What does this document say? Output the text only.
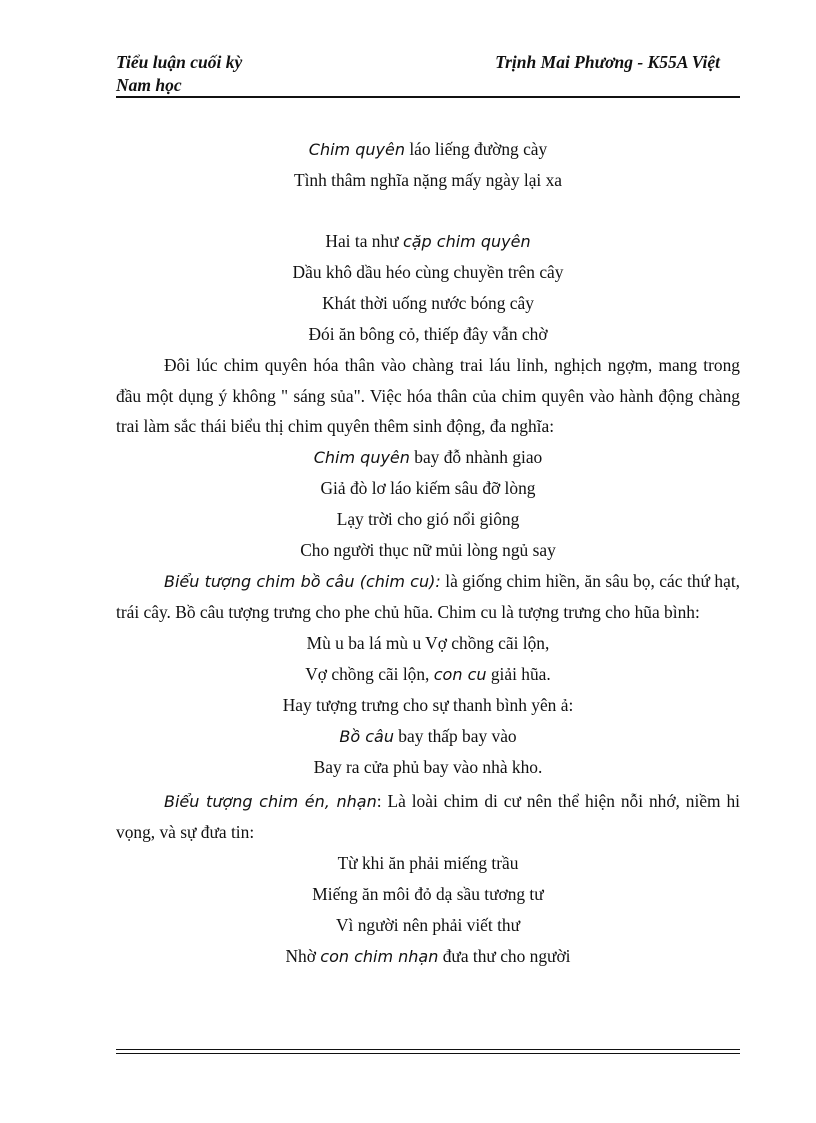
Tiểu luận cuối kỳ
Nam học
Trịnh Mai Phương - K55A Việt
Chim quyên láo liếng đường cày
Tình thâm nghĩa nặng mấy ngày lại xa
Hai ta như cặp chim quyên
Dầu khô dầu héo cùng chuyền trên cây
Khát thời uống nước bóng cây
Đói ăn bông cỏ, thiếp đây vẫn chờ

Đôi lúc chim quyên hóa thân vào chàng trai láu lỉnh, nghịch ngợm, mang trong đầu một dụng ý không " sáng sủa". Việc hóa thân của chim quyên vào hành động chàng trai làm sắc thái biểu thị chim quyên thêm sinh động, đa nghĩa:

Chim quyên bay đỗ nhành giao
Giả đò lơ láo kiếm sâu đỡ lòng
Lạy trời cho gió nổi giông
Cho người thục nữ mủi lòng ngủ say

Biểu tượng chim bồ câu (chim cu): là giống chim hiền, ăn sâu bọ, các thứ hạt, trái cây. Bồ câu tượng trưng cho phe chủ hũa. Chim cu là tượng trưng cho hũa bình:

Mù u ba lá mù u Vợ chồng cãi lộn,
Vợ chồng cãi lộn, con cu giải hũa.
Hay tượng trưng cho sự thanh bình yên ả:
Bồ câu bay thấp bay vào
Bay ra cửa phủ bay vào nhà kho.

Biểu tượng chim én, nhạn: Là loài chim di cư nên thể hiện nỗi nhớ, niềm hi vọng, và sự đưa tin:

Từ khi ăn phải miếng trầu
Miếng ăn môi đỏ dạ sầu tương tư
Vì người nên phải viết thư
Nhờ con chim nhạn đưa thư cho người
